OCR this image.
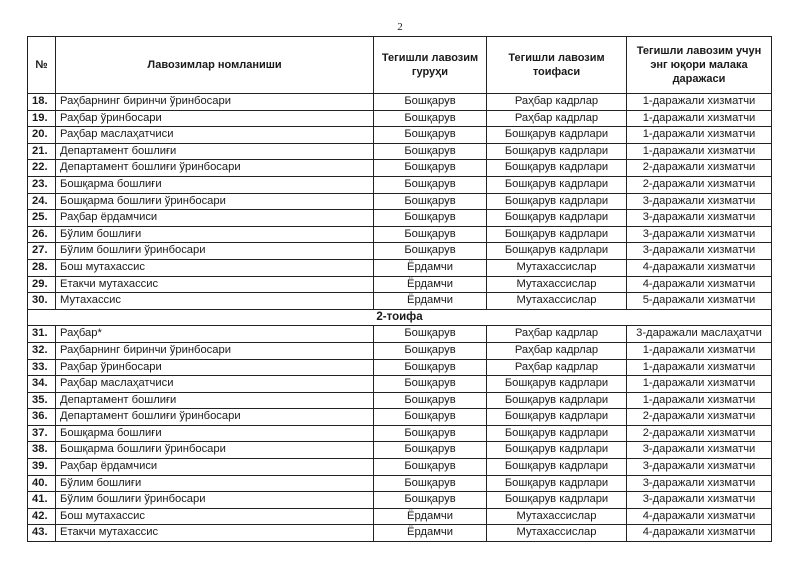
2
№	Лавозимлар номланиши	Тегишли лавозим гуруҳи	Тегишли лавозим тоифаси	Тегишли лавозим учун энг юқори малака даражаси
18.	Раҳбарнинг биринчи ўринбосари	Бошқарув	Раҳбар кадрлар	1-даражали хизматчи
19.	Раҳбар ўринбосари	Бошқарув	Раҳбар кадрлар	1-даражали хизматчи
20.	Раҳбар маслаҳатчиси	Бошқарув	Бошқарув кадрлари	1-даражали хизматчи
21.	Департамент бошлиғи	Бошқарув	Бошқарув кадрлари	1-даражали хизматчи
22.	Департамент бошлиғи ўринбосари	Бошқарув	Бошқарув кадрлари	2-даражали хизматчи
23.	Бошқарма бошлиғи	Бошқарув	Бошқарув кадрлари	2-даражали хизматчи
24.	Бошқарма бошлиғи ўринбосари	Бошқарув	Бошқарув кадрлари	3-даражали хизматчи
25.	Раҳбар ёрдамчиси	Бошқарув	Бошқарув кадрлари	3-даражали хизматчи
26.	Бўлим бошлиғи	Бошқарув	Бошқарув кадрлари	3-даражали хизматчи
27.	Бўлим бошлиғи ўринбосари	Бошқарув	Бошқарув кадрлари	3-даражали хизматчи
28.	Бош мутахассис	Ёрдамчи	Мутахассислар	4-даражали хизматчи
29.	Етакчи мутахассис	Ёрдамчи	Мутахассислар	4-даражали хизматчи
30.	Мутахассис	Ёрдамчи	Мутахассислар	5-даражали хизматчи
2-тоифа				
31.	Раҳбар*	Бошқарув	Раҳбар кадрлар	3-даражали маслаҳатчи
32.	Раҳбарнинг биринчи ўринбосари	Бошқарув	Раҳбар кадрлар	1-даражали хизматчи
33.	Раҳбар ўринбосари	Бошқарув	Раҳбар кадрлар	1-даражали хизматчи
34.	Раҳбар маслаҳатчиси	Бошқарув	Бошқарув кадрлари	1-даражали хизматчи
35.	Департамент бошлиғи	Бошқарув	Бошқарув кадрлари	1-даражали хизматчи
36.	Департамент бошлиғи ўринбосари	Бошқарув	Бошқарув кадрлари	2-даражали хизматчи
37.	Бошқарма бошлиғи	Бошқарув	Бошқарув кадрлари	2-даражали хизматчи
38.	Бошқарма бошлиғи ўринбосари	Бошқарув	Бошқарув кадрлари	3-даражали хизматчи
39.	Раҳбар ёрдамчиси	Бошқарув	Бошқарув кадрлари	3-даражали хизматчи
40.	Бўлим бошлиғи	Бошқарув	Бошқарув кадрлари	3-даражали хизматчи
41.	Бўлим бошлиғи ўринбосари	Бошқарув	Бошқарув кадрлари	3-даражали хизматчи
42.	Бош мутахассис	Ёрдамчи	Мутахассислар	4-даражали хизматчи
43.	Етакчи мутахассис	Ёрдамчи	Мутахассислар	4-даражали хизматчи
